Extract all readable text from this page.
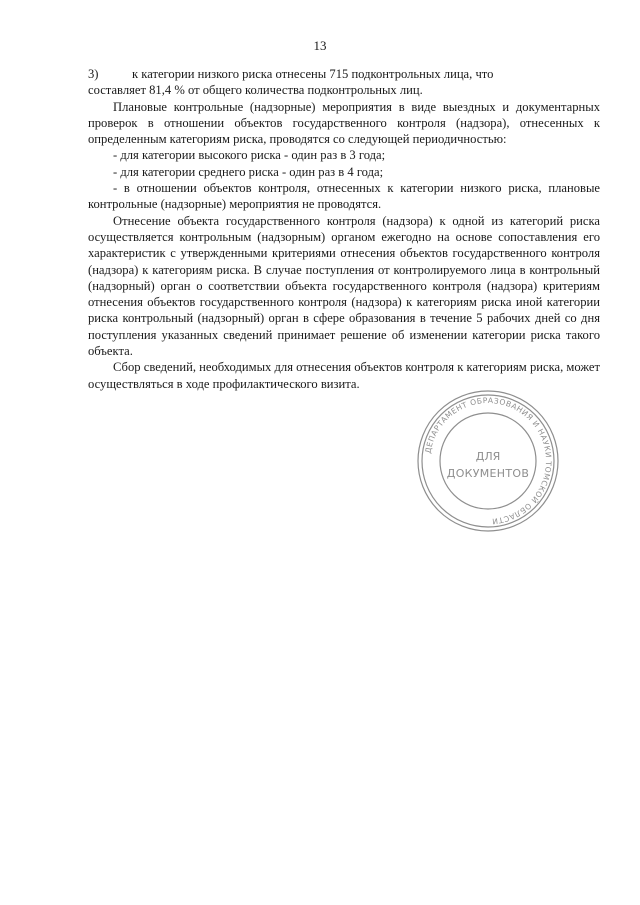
13

3)	к категории низкого риска отнесены 715 подконтрольных лица, что

составляет 81,4 % от общего количества подконтрольных лиц.

Плановые контрольные (надзорные) мероприятия в виде выездных и документарных проверок в отношении объектов государственного контроля (надзора), отнесенных к определенным категориям риска, проводятся со следующей периодичностью:

- для категории высокого риска - один раз в 3 года;

- для категории среднего риска - один раз в 4 года;

- в отношении объектов контроля, отнесенных к категории низкого риска, плановые контрольные (надзорные) мероприятия не проводятся.

Отнесение объекта государственного контроля (надзора) к одной из категорий риска осуществляется контрольным (надзорным) органом ежегодно на основе сопоставления его характеристик с утвержденными критериями отнесения объектов государственного контроля (надзора) к категориям риска. В случае поступления от контролируемого лица в контрольный (надзорный) орган о соответствии объекта государственного контроля (надзора) критериям отнесения объектов государственного контроля (надзора) к категориям риска иной категории риска контрольный (надзорный) орган в сфере образования в течение 5 рабочих дней со дня поступления указанных сведений принимает решение об изменении категории риска такого объекта.

Сбор сведений, необходимых для отнесения объектов контроля к категориям риска, может осуществляться в ходе профилактического визита.

ДЕПАРТАМЕНТ ОБРАЗОВАНИЯ И НАУКИ ТОМСКОЙ ОБЛАСТИ
ДЛЯ
ДОКУМЕНТОВ
